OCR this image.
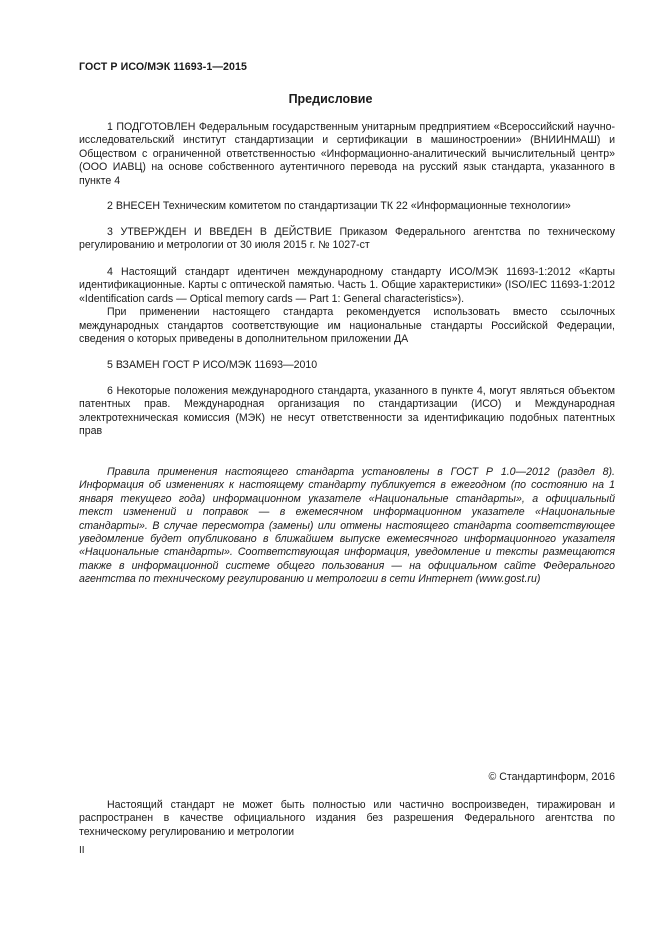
ГОСТ Р ИСО/МЭК 11693-1—2015
Предисловие

1 ПОДГОТОВЛЕН Федеральным государственным унитарным предприятием «Всероссийский научно-исследовательский институт стандартизации и сертификации в машиностроении» (ВНИИНМАШ) и Обществом с ограниченной ответственностью «Информационно-аналитический вычислительный центр» (ООО ИАВЦ) на основе собственного аутентичного перевода на русский язык стандарта, указанного в пункте 4

2 ВНЕСЕН Техническим комитетом по стандартизации ТК 22 «Информационные технологии»

3 УТВЕРЖДЕН И ВВЕДЕН В ДЕЙСТВИЕ Приказом Федерального агентства по техническому регулированию и метрологии от 30 июля 2015 г. № 1027-ст

4 Настоящий стандарт идентичен международному стандарту ИСО/МЭК 11693-1:2012 «Карты идентификационные. Карты с оптической памятью. Часть 1. Общие характеристики» (ISO/IEC 11693-1:2012 «Identification cards — Optical memory cards — Part 1: General characteristics»).

При применении настоящего стандарта рекомендуется использовать вместо ссылочных международных стандартов соответствующие им национальные стандарты Российской Федерации, сведения о которых приведены в дополнительном приложении ДА

5 ВЗАМЕН ГОСТ Р ИСО/МЭК 11693—2010

6 Некоторые положения международного стандарта, указанного в пункте 4, могут являться объектом патентных прав. Международная организация по стандартизации (ИСО) и Международная электротехническая комиссия (МЭК) не несут ответственности за идентификацию подобных патентных прав

Правила применения настоящего стандарта установлены в ГОСТ Р 1.0—2012 (раздел 8). Информация об изменениях к настоящему стандарту публикуется в ежегодном (по состоянию на 1 января текущего года) информационном указателе «Национальные стандарты», а официальный текст изменений и поправок — в ежемесячном информационном указателе «Национальные стандарты». В случае пересмотра (замены) или отмены настоящего стандарта соответствующее уведомление будет опубликовано в ближайшем выпуске ежемесячного информационного указателя «Национальные стандарты». Соответствующая информация, уведомление и тексты размещаются также в информационной системе общего пользования — на официальном сайте Федерального агентства по техническому регулированию и метрологии в сети Интернет (www.gost.ru)

© Стандартинформ, 2016

Настоящий стандарт не может быть полностью или частично воспроизведен, тиражирован и распространен в качестве официального издания без разрешения Федерального агентства по техническому регулированию и метрологии

II
